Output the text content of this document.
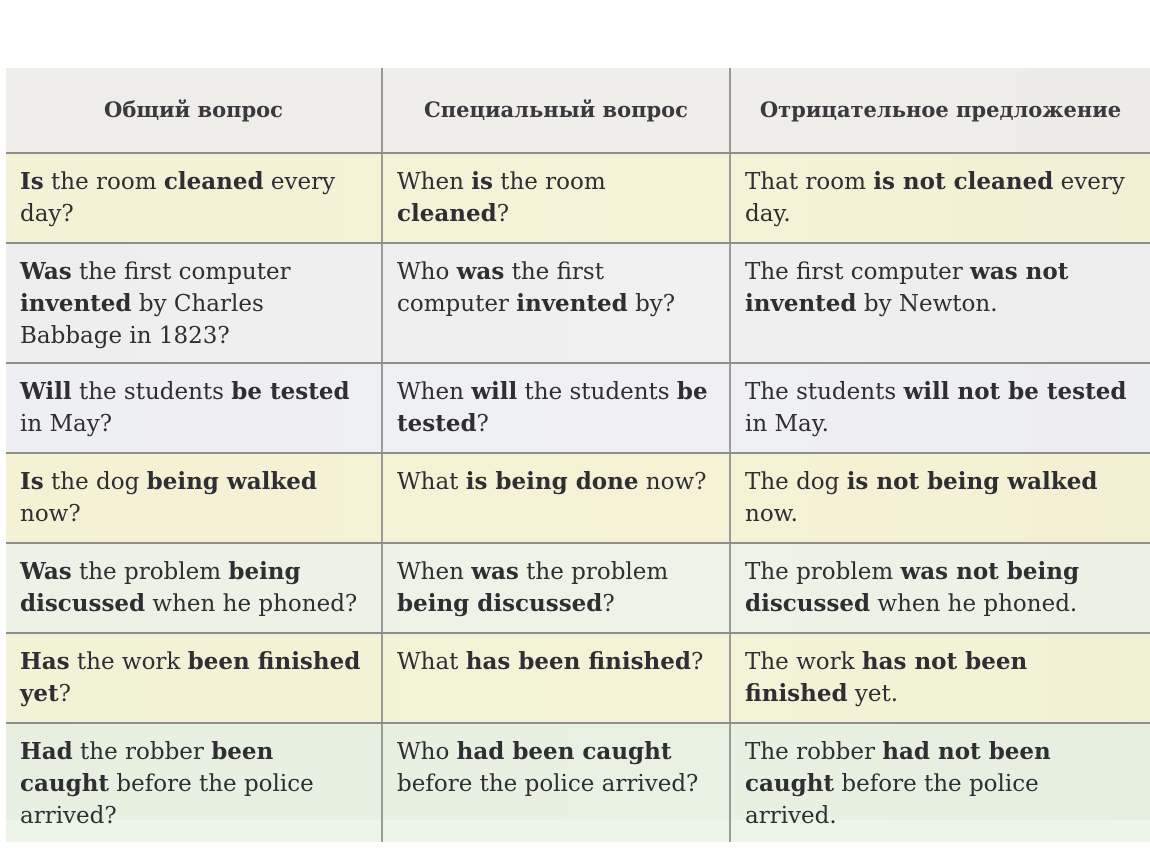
Общий вопрос	Специальный вопрос	Отрицательное предложение
Is the room cleaned every day?	When is the room cleaned?	That room is not cleaned every day.
Was the first computer invented by Charles Babbage in 1823?	Who was the first computer invented by?	The first computer was not invented by Newton.
Will the students be tested in May?	When will the students be tested?	The students will not be tested in May.
Is the dog being walked now?	What is being done now?	The dog is not being walked now.
Was the problem being discussed when he phoned?	When was the problem being discussed?	The problem was not being discussed when he phoned.
Has the work been finished yet?	What has been finished?	The work has not been finished yet.
Had the robber been caught before the police arrived?	Who had been caught before the police arrived?	The robber had not been caught before the police arrived.
